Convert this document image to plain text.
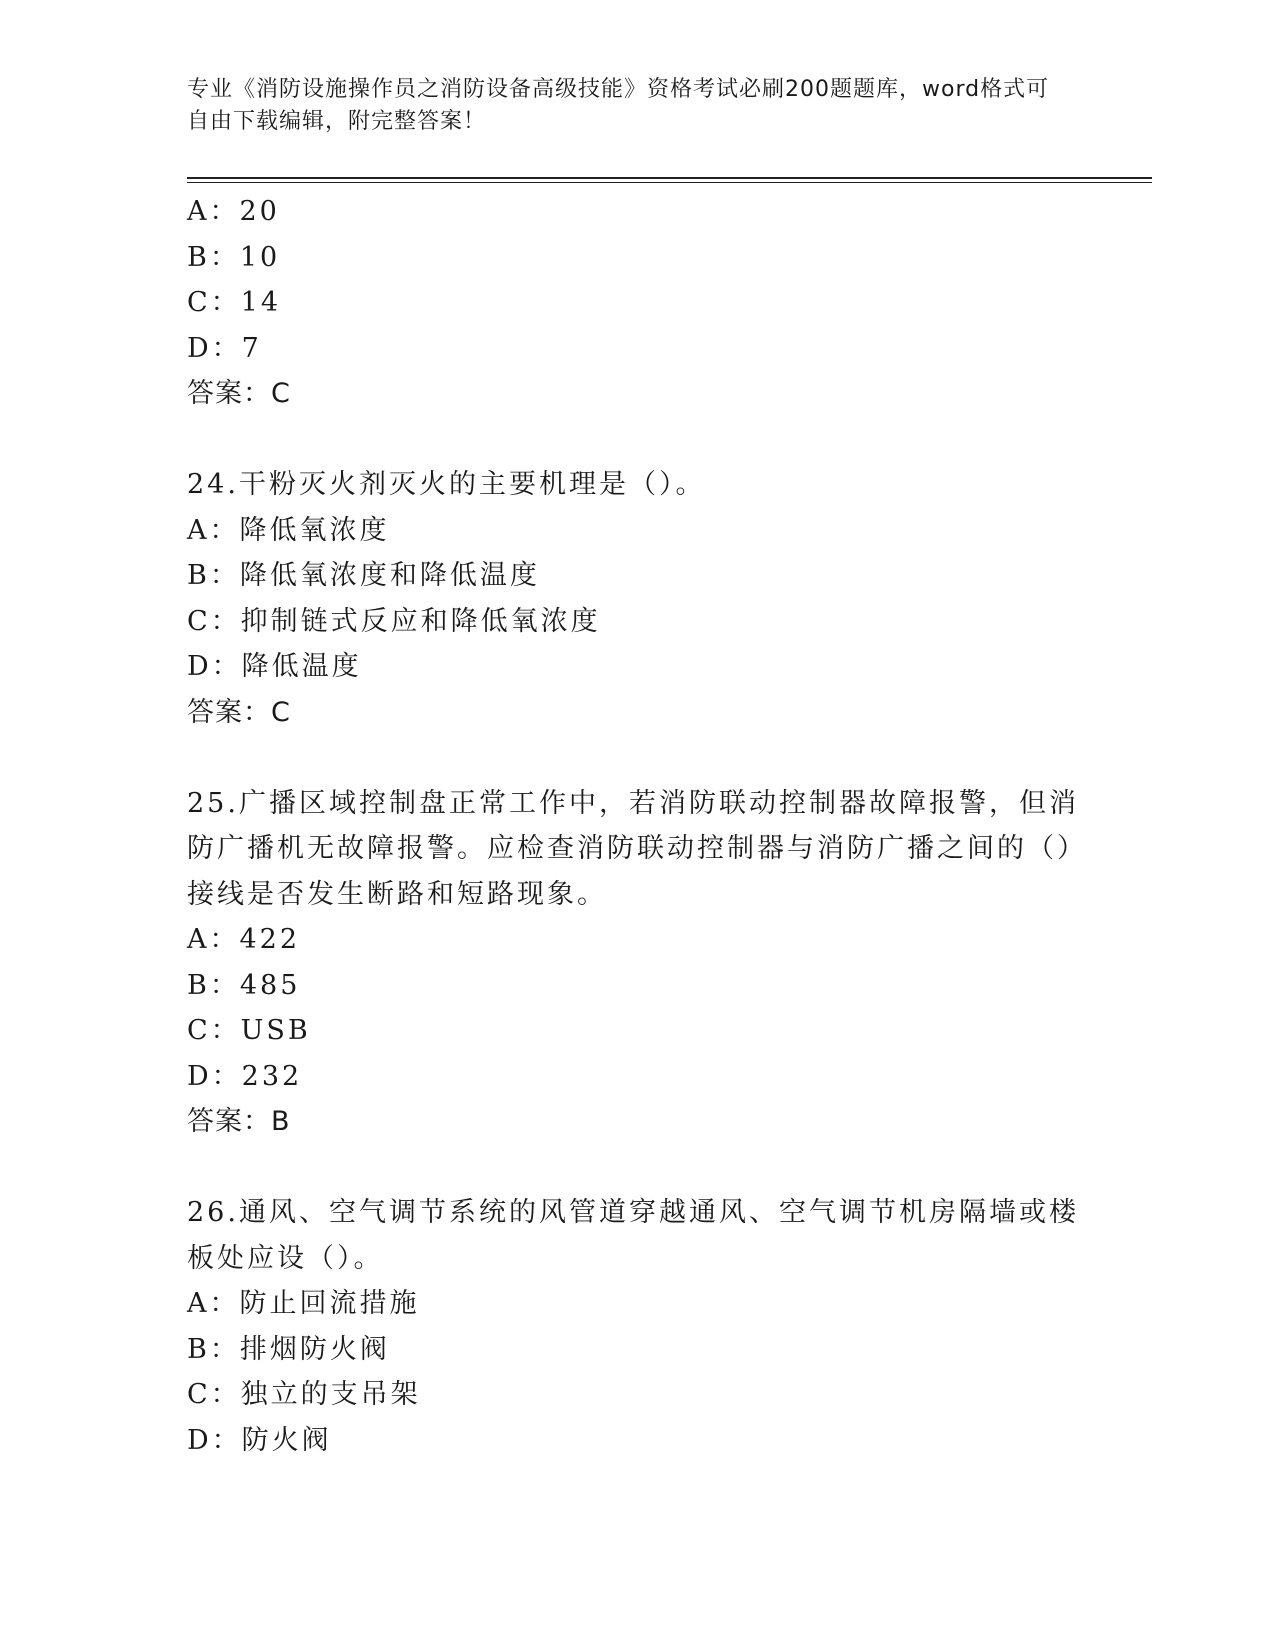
专业《消防设施操作员之消防设备高级技能》资格考试必刷200题题库，word格式可自由下载编辑，附完整答案！
A：20
B：10
C：14
D：7
答案：C
24.干粉灭火剂灭火的主要机理是（）。
A：降低氧浓度
B：降低氧浓度和降低温度
C：抑制链式反应和降低氧浓度
D：降低温度
答案：C
25.广播区域控制盘正常工作中，若消防联动控制器故障报警，但消防广播机无故障报警。应检查消防联动控制器与消防广播之间的（）接线是否发生断路和短路现象。
A：422
B：485
C：USB
D：232
答案：B
26.通风、空气调节系统的风管道穿越通风、空气调节机房隔墙或楼板处应设（）。
A：防止回流措施
B：排烟防火阀
C：独立的支吊架
D：防火阀
